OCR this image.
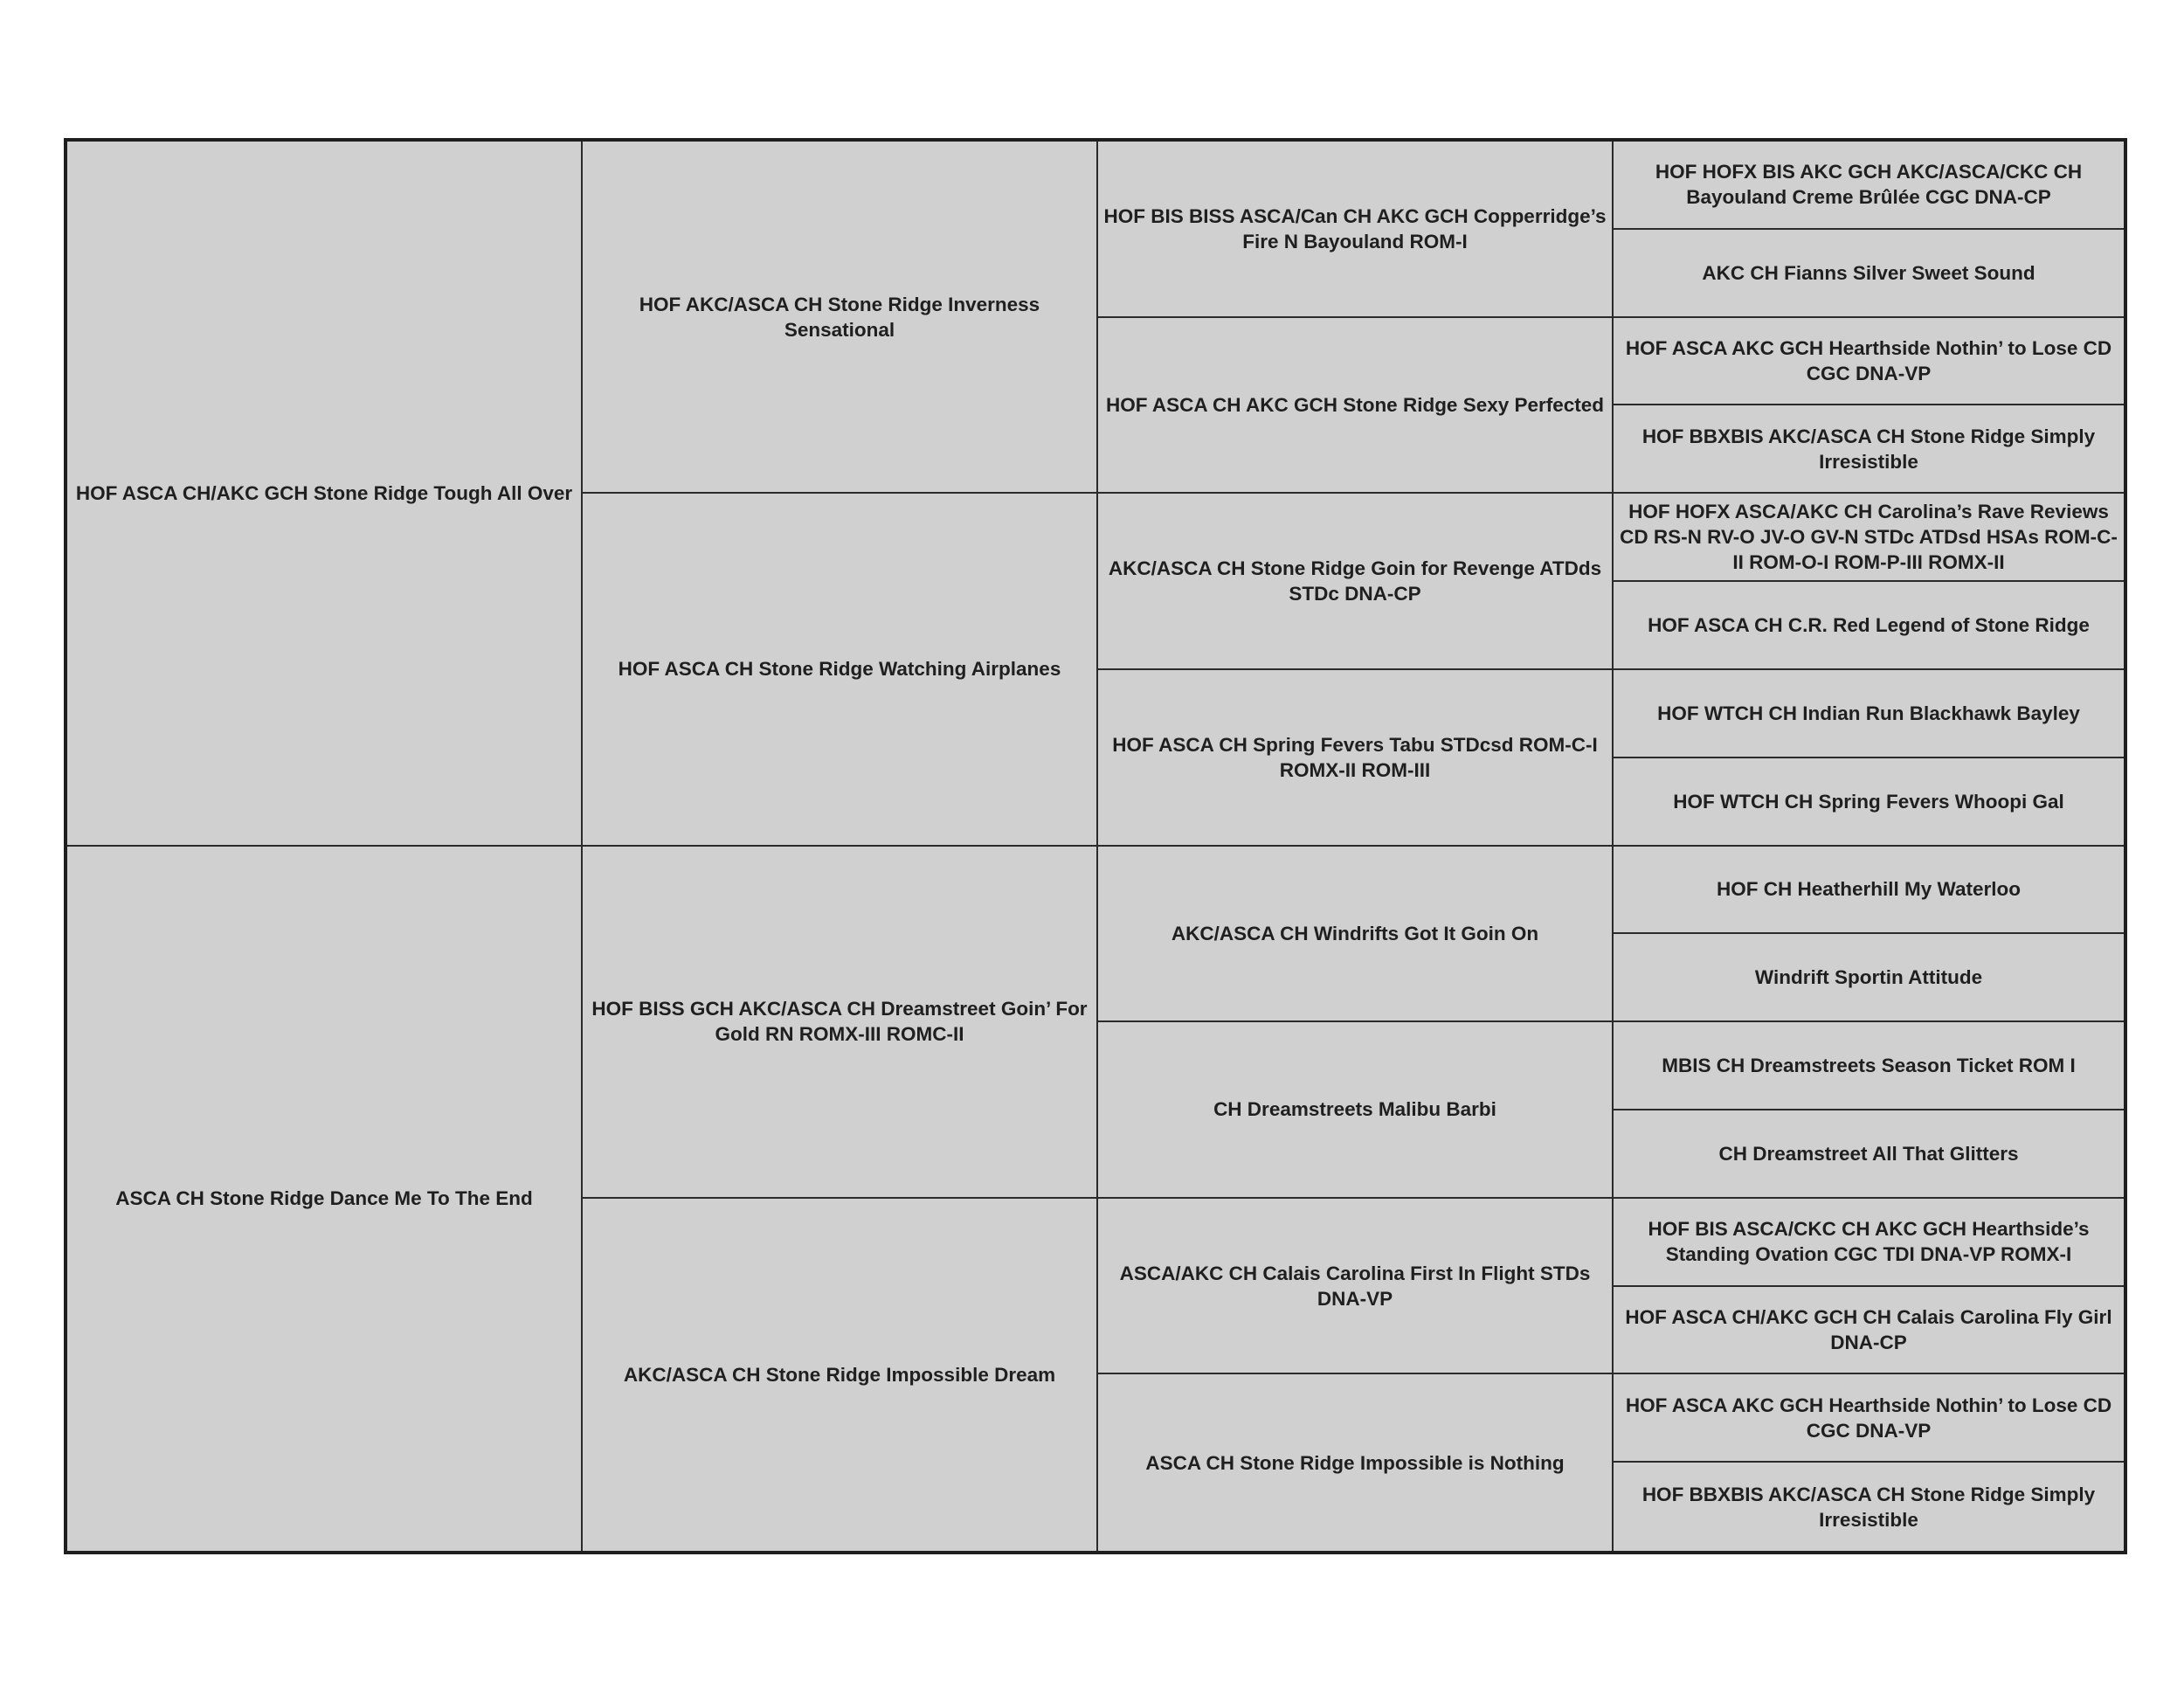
HOF ASCA CH/AKC GCH Stone Ridge Tough All Over
ASCA CH Stone Ridge Dance Me To The End
HOF AKC/ASCA CH Stone Ridge Inverness Sensational
HOF ASCA CH Stone Ridge Watching Airplanes
HOF BISS GCH AKC/ASCA CH Dreamstreet Goin’ For Gold RN ROMX-III ROMC-II
AKC/ASCA CH Stone Ridge Impossible Dream
HOF BIS BISS ASCA/Can CH AKC GCH Copperridge’s Fire N Bayouland ROM-I
HOF ASCA CH AKC GCH Stone Ridge Sexy Perfected
AKC/ASCA CH Stone Ridge Goin for Revenge ATDds STDc DNA-CP
HOF ASCA CH Spring Fevers Tabu STDcsd ROM-C-I ROMX-II ROM-III
AKC/ASCA CH Windrifts Got It Goin On
CH Dreamstreets Malibu Barbi
ASCA/AKC CH Calais Carolina First In Flight STDs DNA-VP
ASCA CH Stone Ridge Impossible is Nothing
HOF HOFX BIS AKC GCH AKC/ASCA/CKC CH Bayouland Creme Brûlée CGC DNA-CP
AKC CH Fianns Silver Sweet Sound
HOF ASCA AKC GCH Hearthside Nothin’ to Lose CD CGC DNA-VP
HOF BBXBIS AKC/ASCA CH Stone Ridge Simply Irresistible
HOF HOFX ASCA/AKC CH Carolina’s Rave Reviews CD RS-N RV-O JV-O GV-N STDc ATDsd HSAs ROM-C-II ROM-O-I ROM-P-III ROMX-II
HOF ASCA CH C.R. Red Legend of Stone Ridge
HOF WTCH CH Indian Run Blackhawk Bayley
HOF WTCH CH Spring Fevers Whoopi Gal
HOF CH Heatherhill My Waterloo
Windrift Sportin Attitude
MBIS CH Dreamstreets Season Ticket ROM I
CH Dreamstreet All That Glitters
HOF BIS ASCA/CKC CH AKC GCH Hearthside’s Standing Ovation CGC TDI DNA-VP ROMX-I
HOF ASCA CH/AKC GCH CH Calais Carolina Fly Girl DNA-CP
HOF ASCA AKC GCH Hearthside Nothin’ to Lose CD CGC DNA-VP
HOF BBXBIS AKC/ASCA CH Stone Ridge Simply Irresistible
